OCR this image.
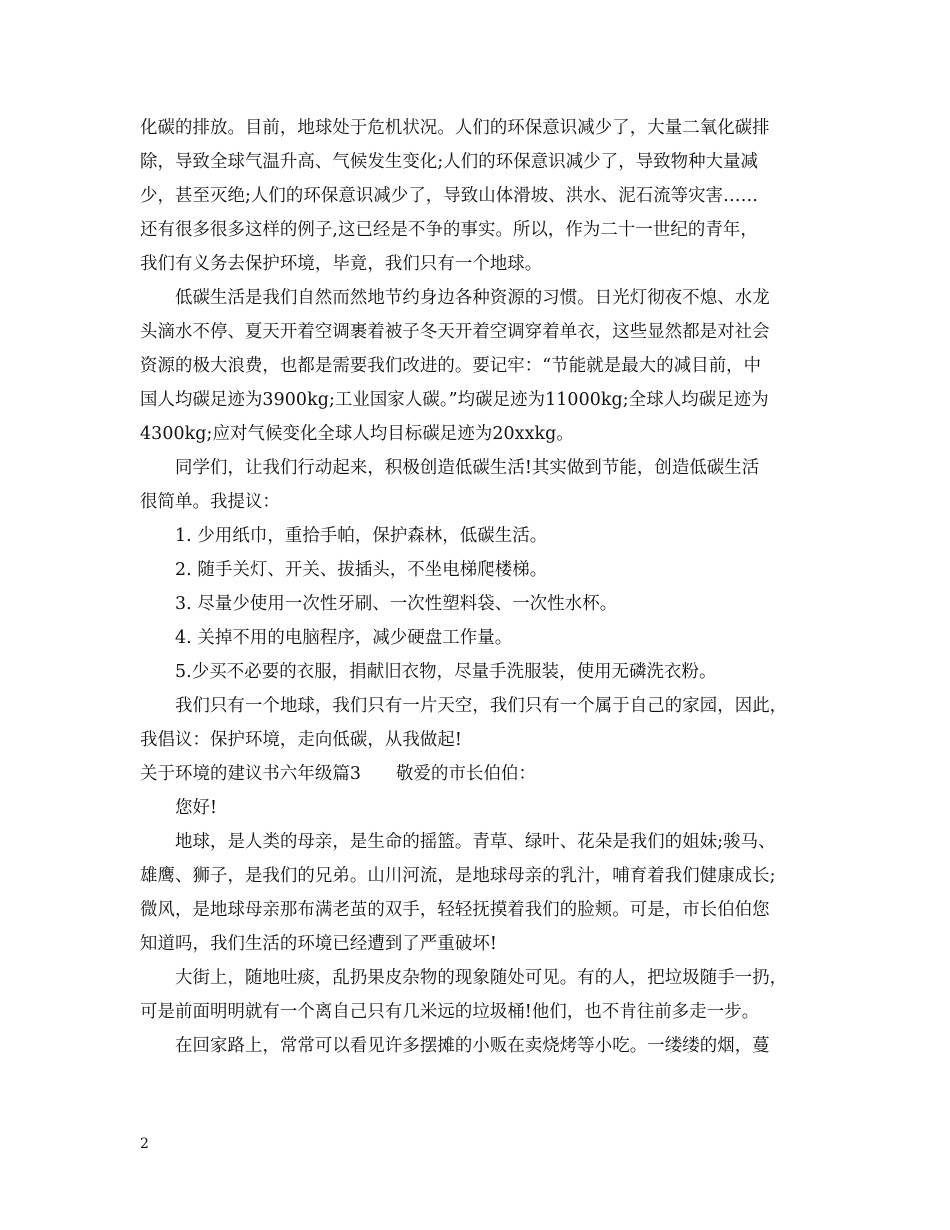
化碳的排放。目前，地球处于危机状况。人们的环保意识减少了，大量二氧化碳排
除，导致全球气温升高、气候发生变化;人们的环保意识减少了，导致物种大量减
少，甚至灭绝;人们的环保意识减少了，导致山体滑坡、洪水、泥石流等灾害……
还有很多很多这样的例子,这已经是不争的事实。所以，作为二十一世纪的青年，
我们有义务去保护环境，毕竟，我们只有一个地球。
低碳生活是我们自然而然地节约身边各种资源的习惯。日光灯彻夜不熄、水龙
头滴水不停、夏天开着空调裹着被子冬天开着空调穿着单衣，这些显然都是对社会
资源的极大浪费，也都是需要我们改进的。要记牢：“节能就是最大的减目前，中
国人均碳足迹为3900kg;工业国家人碳。”均碳足迹为11000kg;全球人均碳足迹为
4300kg;应对气候变化全球人均目标碳足迹为20xxkg。
同学们，让我们行动起来，积极创造低碳生活!其实做到节能，创造低碳生活
很简单。我提议：
1. 少用纸巾，重拾手帕，保护森林，低碳生活。
2. 随手关灯、开关、拔插头，不坐电梯爬楼梯。
3. 尽量少使用一次性牙刷、一次性塑料袋、一次性水杯。
4. 关掉不用的电脑程序，减少硬盘工作量。
5.少买不必要的衣服，捐献旧衣物，尽量手洗服装，使用无磷洗衣粉。
我们只有一个地球，我们只有一片天空，我们只有一个属于自己的家园，因此，
我倡议：保护环境，走向低碳，从我做起!
关于环境的建议书六年级篇3　　敬爱的市长伯伯：
您好!
地球，是人类的母亲，是生命的摇篮。青草、绿叶、花朵是我们的姐妹;骏马、
雄鹰、狮子，是我们的兄弟。山川河流，是地球母亲的乳汁，哺育着我们健康成长;
微风，是地球母亲那布满老茧的双手，轻轻抚摸着我们的脸颊。可是，市长伯伯您
知道吗，我们生活的环境已经遭到了严重破坏!
大街上，随地吐痰，乱扔果皮杂物的现象随处可见。有的人，把垃圾随手一扔，
可是前面明明就有一个离自己只有几米远的垃圾桶!他们，也不肯往前多走一步。
在回家路上，常常可以看见许多摆摊的小贩在卖烧烤等小吃。一缕缕的烟，蔓
2
